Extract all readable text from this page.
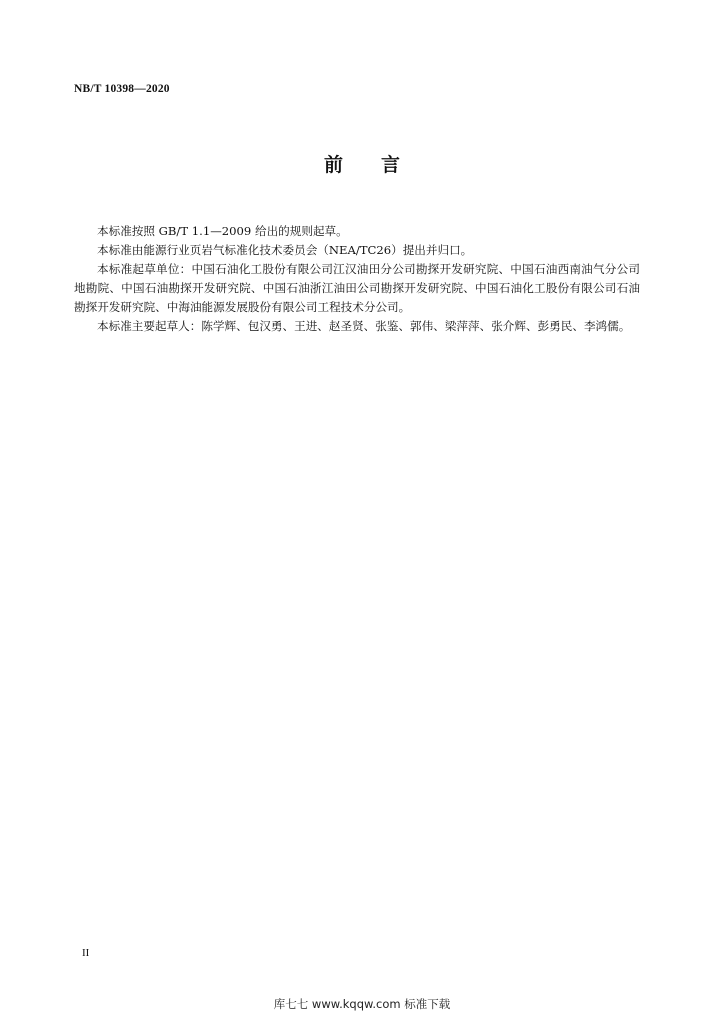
NB/T 10398—2020
前 言

本标准按照 GB/T 1.1—2009 给出的规则起草。

本标准由能源行业页岩气标准化技术委员会（NEA/TC26）提出并归口。

本标准起草单位：中国石油化工股份有限公司江汉油田分公司勘探开发研究院、中国石油西南油气分公司地勘院、中国石油勘探开发研究院、中国石油浙江油田公司勘探开发研究院、中国石油化工股份有限公司石油勘探开发研究院、中海油能源发展股份有限公司工程技术分公司。

本标准主要起草人：陈学辉、包汉勇、王进、赵圣贤、张鉴、郭伟、梁萍萍、张介辉、彭勇民、李鸿儒。

II
库七七 www.kqqw.com 标准下载
